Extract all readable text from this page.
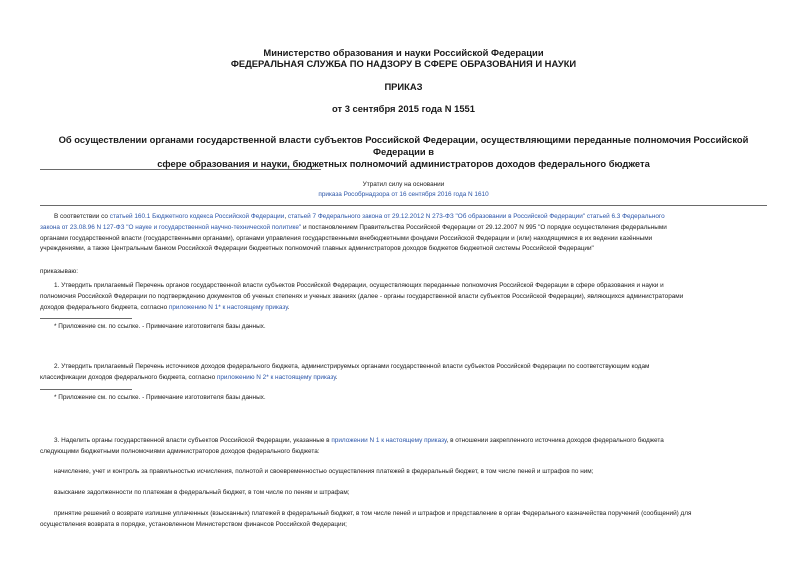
Министерство образования и науки Российской Федерации
ФЕДЕРАЛЬНАЯ СЛУЖБА ПО НАДЗОРУ В СФЕРЕ ОБРАЗОВАНИЯ И НАУКИ
ПРИКАЗ
от 3 сентября 2015 года N 1551
Об осуществлении органами государственной власти субъектов Российской Федерации, осуществляющими переданные полномочия Российской Федерации в
сфере образования и науки, бюджетных полномочий администраторов доходов федерального бюджета
Утратил силу на основании
приказа Рособрнадзора от 16 сентября 2016 года N 1610
В соответствии со статьей 160.1 Бюджетного кодекса Российской Федерации, статьей 7 Федерального закона от 29.12.2012 N 273-ФЗ "Об образовании в Российской Федерации" статьей 6.3 Федерального
закона от 23.08.96 N 127-ФЗ "О науке и государственной научно-технической политике" и постановлением Правительства Российской Федерации от 29.12.2007 N 995 "О порядке осуществления федеральными
органами государственной власти (государственными органами), органами управления государственными внебюджетными фондами Российской Федерации и (или) находящимися в их ведении казёнными
учреждениями, а также Центральным банком Российской Федерации бюджетных полномочий главных администраторов доходов бюджетов бюджетной системы Российской Федерации"
приказываю:
1. Утвердить прилагаемый Перечень органов государственной власти субъектов Российской Федерации, осуществляющих переданные полномочия Российской Федерации в сфере образования и науки и
полномочия Российской Федерации по подтверждению документов об ученых степенях и ученых званиях (далее - органы государственной власти субъектов Российской Федерации), являющихся администраторами
доходов федерального бюджета, согласно приложению N 1* к настоящему приказу.
* Приложение см. по ссылке. - Примечание изготовителя базы данных.
2. Утвердить прилагаемый Перечень источников доходов федерального бюджета, администрируемых органами государственной власти субъектов Российской Федерации по соответствующим кодам
классификации доходов федерального бюджета, согласно приложению N 2* к настоящему приказу.
* Приложение см. по ссылке. - Примечание изготовителя базы данных.
3. Наделить органы государственной власти субъектов Российской Федерации, указанные в приложении N 1 к настоящему приказу, в отношении закрепленного источника доходов федерального бюджета
следующими бюджетными полномочиями администраторов доходов федерального бюджета:
начисление, учет и контроль за правильностью исчисления, полнотой и своевременностью осуществления платежей в федеральный бюджет, в том числе пеней и штрафов по ним;
взыскание задолженности по платежам в федеральный бюджет, в том числе по пеням и штрафам;
принятие решений о возврате излишне уплаченных (взысканных) платежей в федеральный бюджет, в том числе пеней и штрафов и представление в орган Федерального казначейства поручений (сообщений) для
осуществления возврата в порядке, установленном Министерством финансов Российской Федерации;
